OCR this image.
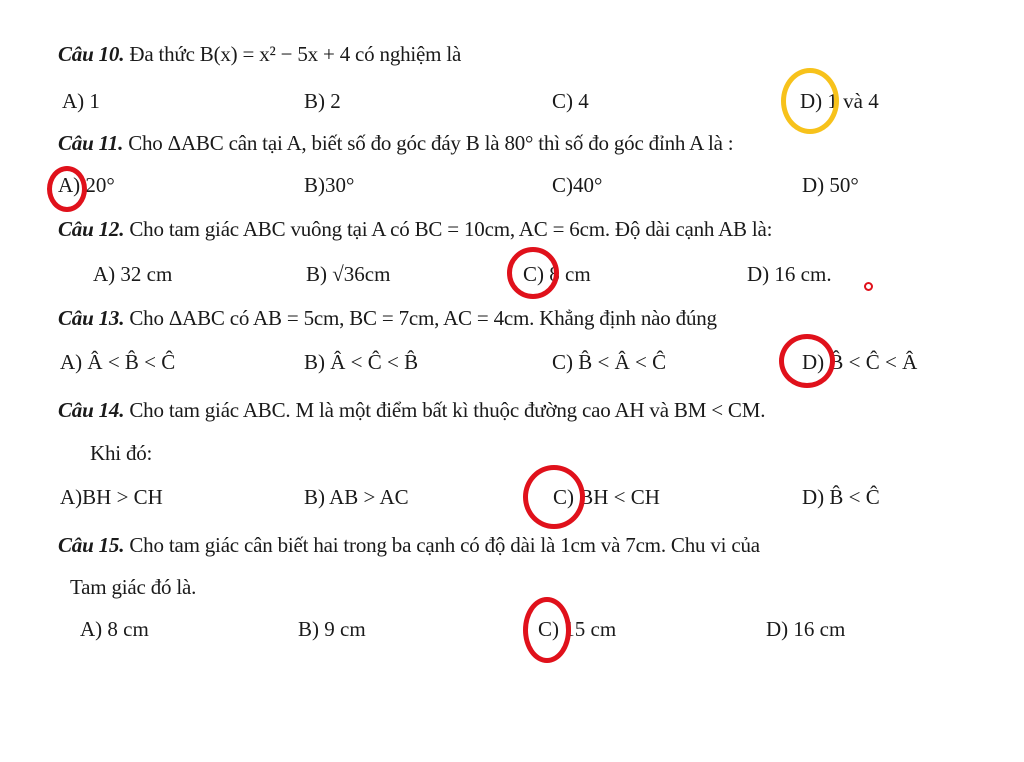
Câu 10. Đa thức B(x) = x² − 5x + 4 có nghiệm là
A) 1	B) 2	C) 4	D) 1 và 4
Câu 11. Cho ΔABC cân tại A, biết số đo góc đáy B là 80° thì số đo góc đỉnh A là :
A) 20°	B)30°	C)40°	D) 50°
Câu 12. Cho tam giác ABC vuông tại A có BC = 10cm, AC = 6cm. Độ dài cạnh AB là:
A) 32 cm	B) √36cm	C) 8 cm	D) 16 cm.
Câu 13. Cho ΔABC có AB = 5cm, BC = 7cm, AC = 4cm. Khẳng định nào đúng
A) Â < B̂ < Ĉ	B) Â < Ĉ < B̂	C) B̂ < Â < Ĉ	D) B̂ < Ĉ < Â
Câu 14. Cho tam giác ABC. M là một điểm bất kì thuộc đường cao AH và BM < CM.
Khi đó:
A)BH > CH	B) AB > AC	C) BH < CH	D) B̂ < Ĉ
Câu 15. Cho tam giác cân biết hai trong ba cạnh có độ dài là 1cm và 7cm. Chu vi của
Tam giác đó là.
A) 8 cm	B) 9 cm	C) 15 cm	D) 16 cm
